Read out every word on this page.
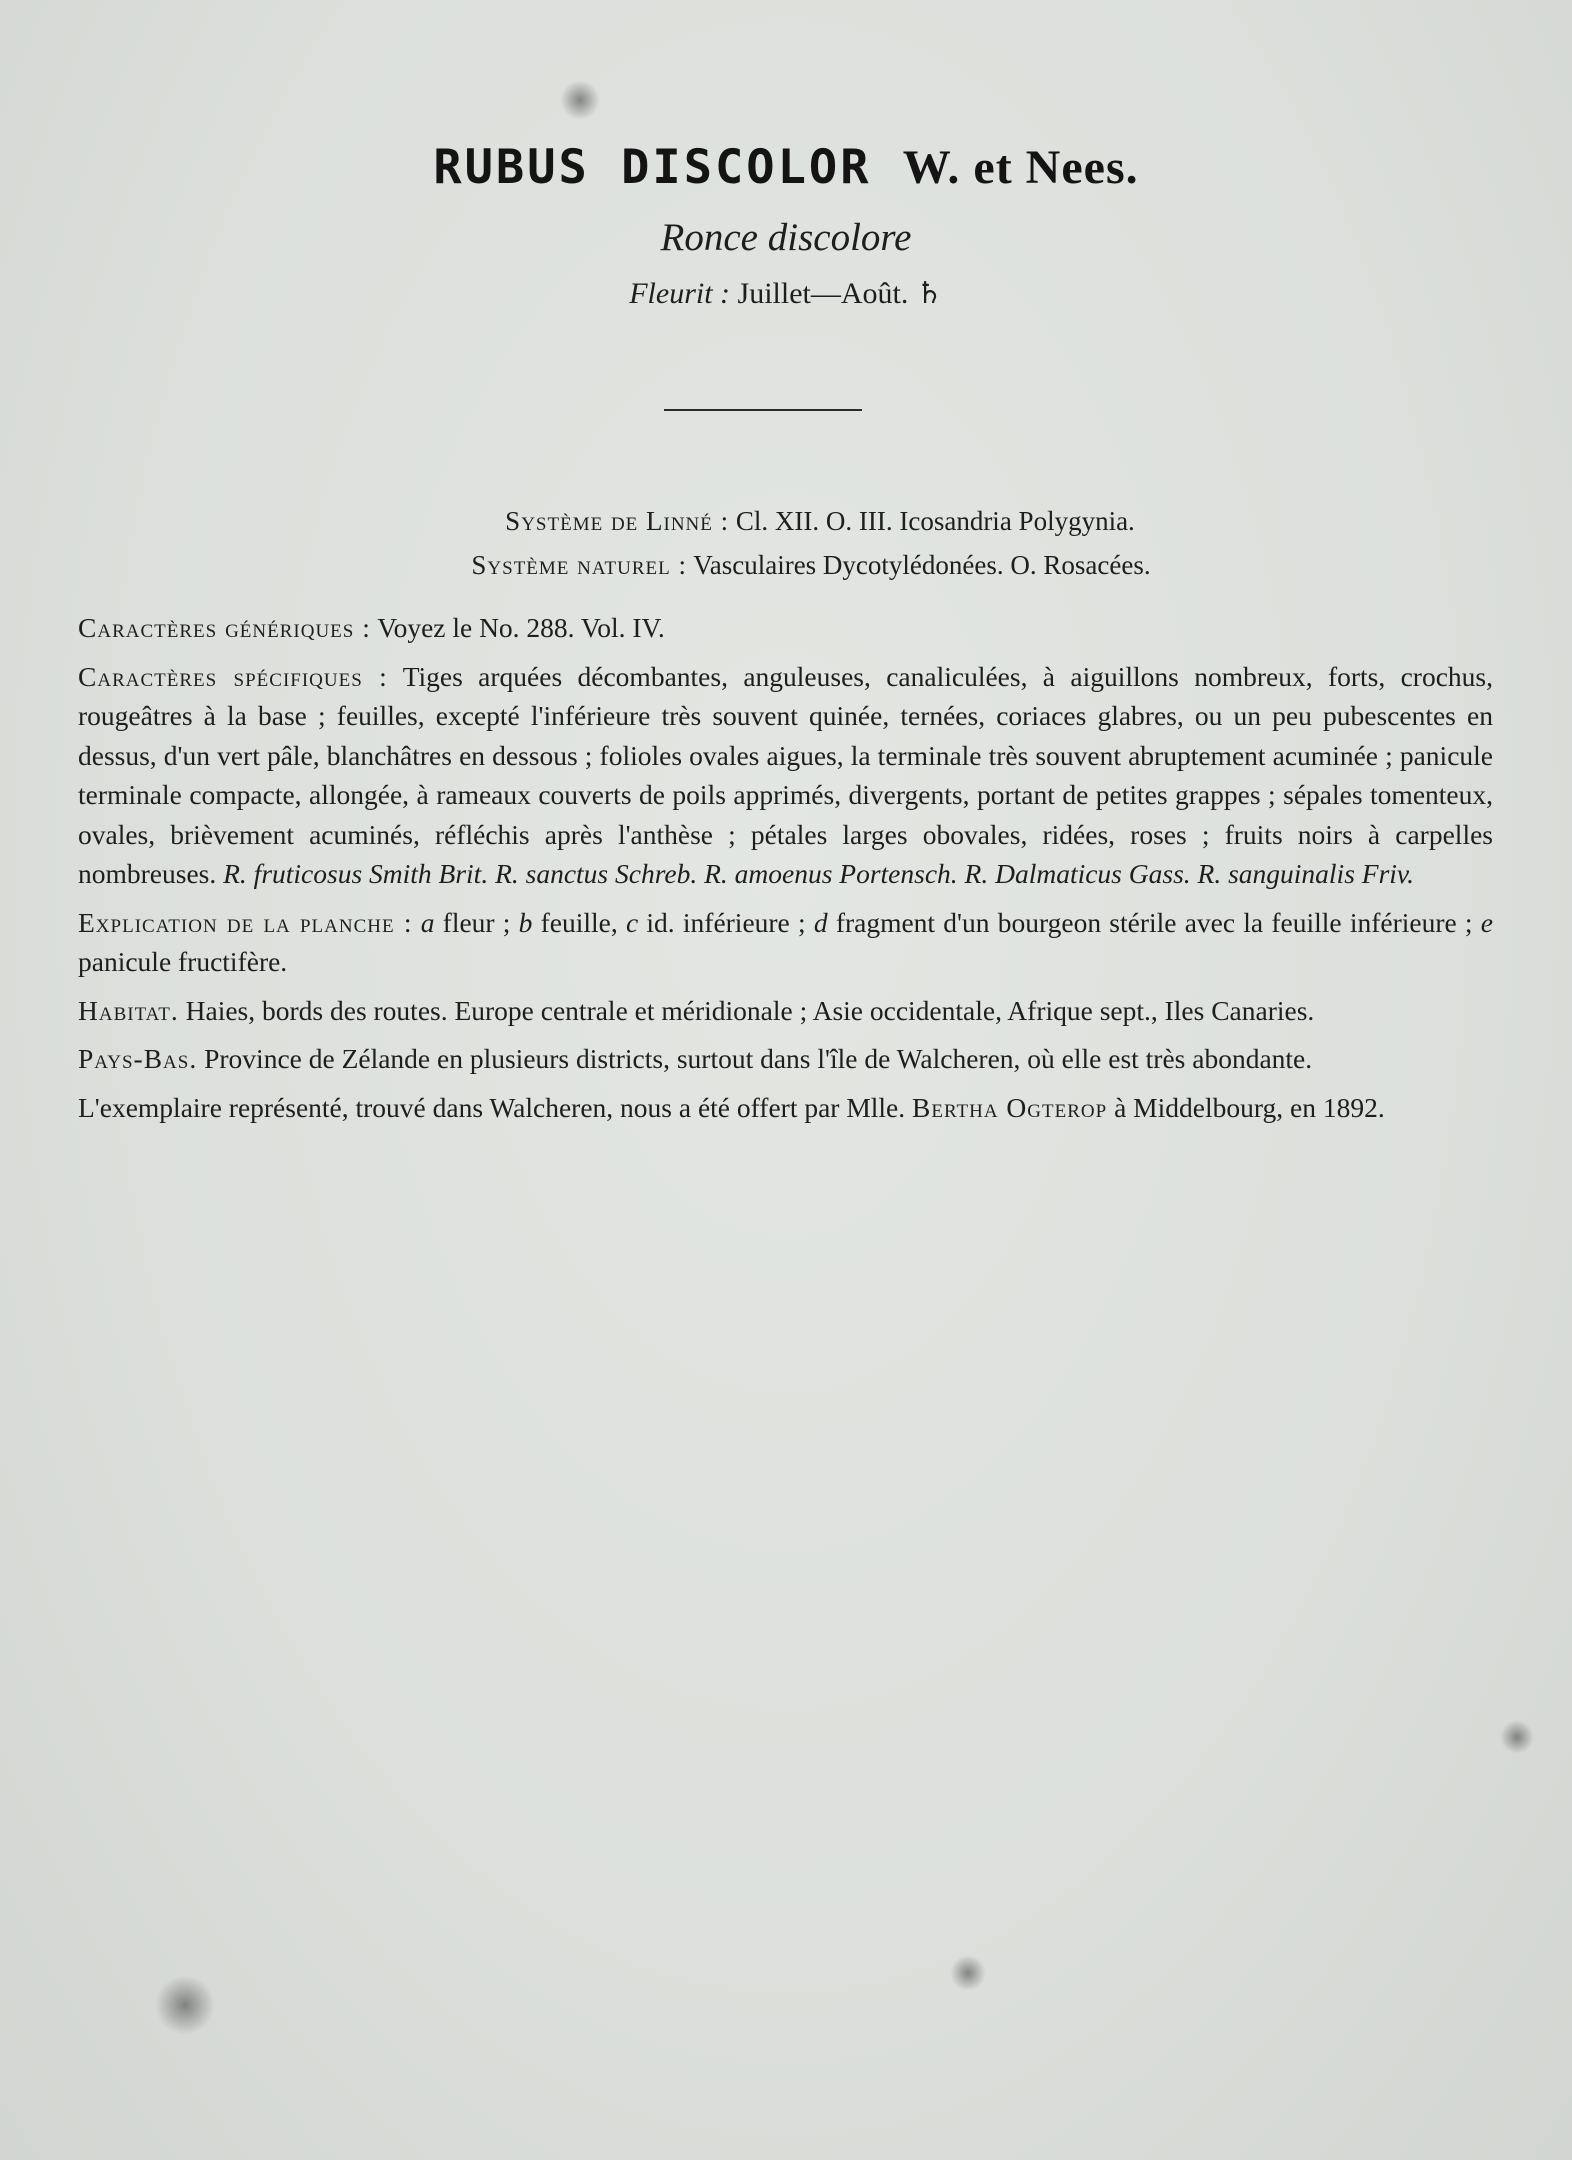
RUBUS DISCOLOR W. et Nees.
Ronce discolore
Fleurit : Juillet—Août. ♄
Système de Linné : Cl. XII. O. III. Icosandria Polygynia.
Système naturel : Vasculaires Dycotylédonées. O. Rosacées.

Caractères génériques : Voyez le No. 288. Vol. IV.

Caractères spécifiques : Tiges arquées décombantes, anguleuses, canaliculées, à aiguillons nombreux, forts, crochus, rougeâtres à la base ; feuilles, excepté l'inférieure très souvent quinée, ternées, coriaces glabres, ou un peu pubescentes en dessus, d'un vert pâle, blanchâtres en dessous ; folioles ovales aigues, la terminale très souvent abruptement acuminée ; panicule terminale compacte, allongée, à rameaux couverts de poils apprimés, divergents, portant de petites grappes ; sépales tomenteux, ovales, brièvement acuminés, réfléchis après l'anthèse ; pétales larges obovales, ridées, roses ; fruits noirs à carpelles nombreuses. R. fruticosus Smith Brit. R. sanctus Schreb. R. amoenus Portensch. R. Dalmaticus Gass. R. sanguinalis Friv.

Explication de la planche : a fleur ; b feuille, c id. inférieure ; d fragment d'un bourgeon stérile avec la feuille inférieure ; e panicule fructifère.

Habitat. Haies, bords des routes. Europe centrale et méridionale ; Asie occidentale, Afrique sept., Iles Canaries.

Pays-Bas. Province de Zélande en plusieurs districts, surtout dans l'île de Walcheren, où elle est très abondante.

L'exemplaire représenté, trouvé dans Walcheren, nous a été offert par Mlle. Bertha Ogterop à Middelbourg, en 1892.
